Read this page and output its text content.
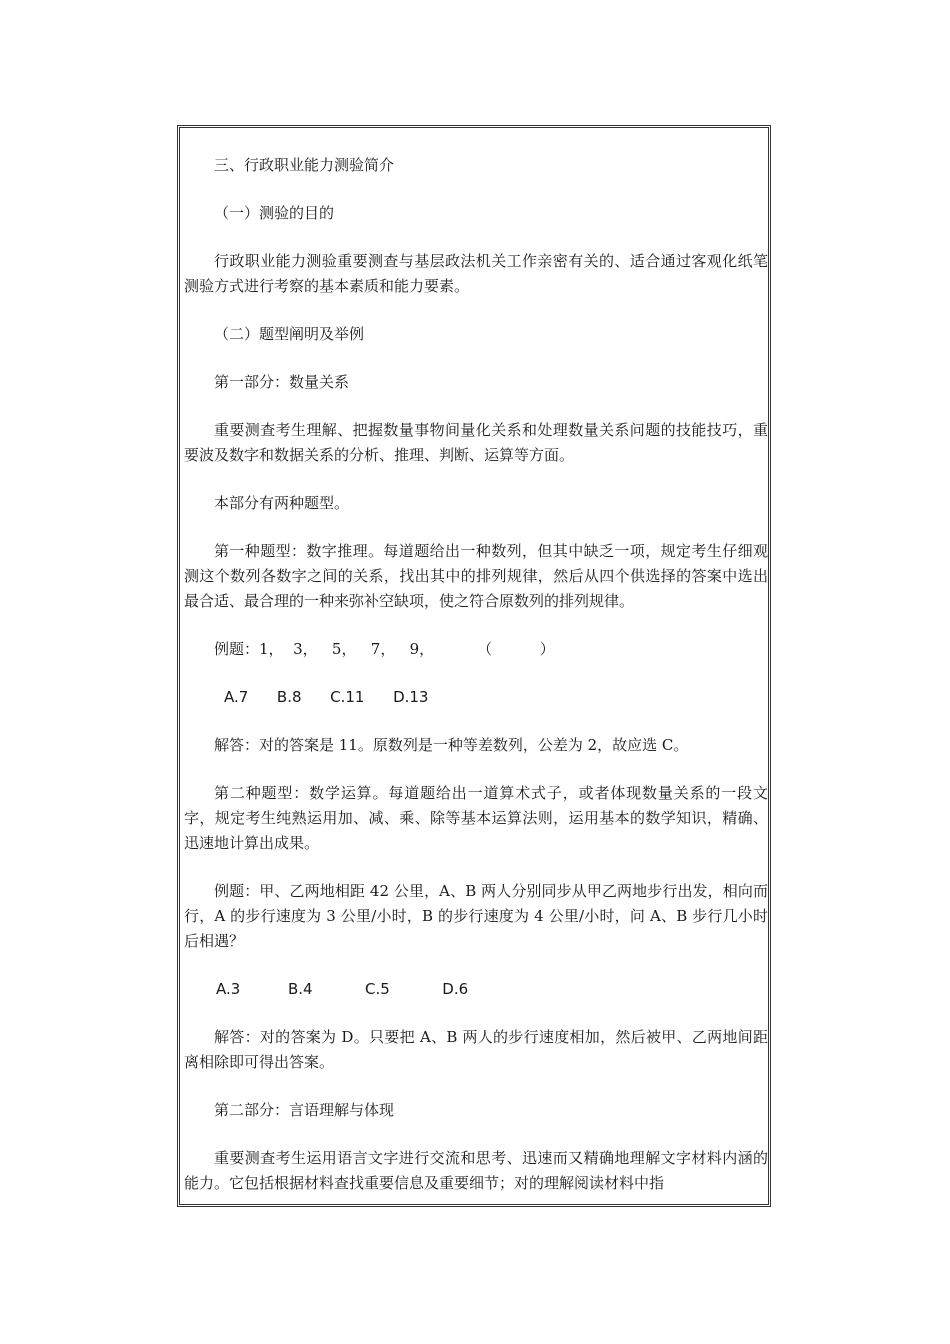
三、行政职业能力测验简介

（一）测验的目的

行政职业能力测验重要测查与基层政法机关工作亲密有关的、适合通过客观化纸笔测验方式进行考察的基本素质和能力要素。

（二）题型阐明及举例

第一部分：数量关系

重要测查考生理解、把握数量事物间量化关系和处理数量关系问题的技能技巧，重要波及数字和数据关系的分析、推理、判断、运算等方面。

本部分有两种题型。

第一种题型：数字推理。每道题给出一种数列，但其中缺乏一项，规定考生仔细观测这个数列各数字之间的关系，找出其中的排列规律，然后从四个供选择的答案中选出最合适、最合理的一种来弥补空缺项，使之符合原数列的排列规律。

例题：1，  3，   5，   7，   9，         （          ）

A.7      B.8      C.11      D.13

解答：对的答案是 11。原数列是一种等差数列，公差为 2，故应选 C。

第二种题型：数学运算。每道题给出一道算术式子，或者体现数量关系的一段文字，规定考生纯熟运用加、减、乘、除等基本运算法则，运用基本的数学知识，精确、迅速地计算出成果。

例题：甲、乙两地相距 42 公里，A、B 两人分别同步从甲乙两地步行出发，相向而行，A 的步行速度为 3 公里/小时，B 的步行速度为 4 公里/小时，问 A、B 步行几小时后相遇？

A.3          B.4           C.5           D.6

解答：对的答案为 D。只要把 A、B 两人的步行速度相加，然后被甲、乙两地间距离相除即可得出答案。

第二部分：言语理解与体现

重要测查考生运用语言文字进行交流和思考、迅速而又精确地理解文字材料内涵的能力。它包括根据材料查找重要信息及重要细节；对的理解阅读材料中指
